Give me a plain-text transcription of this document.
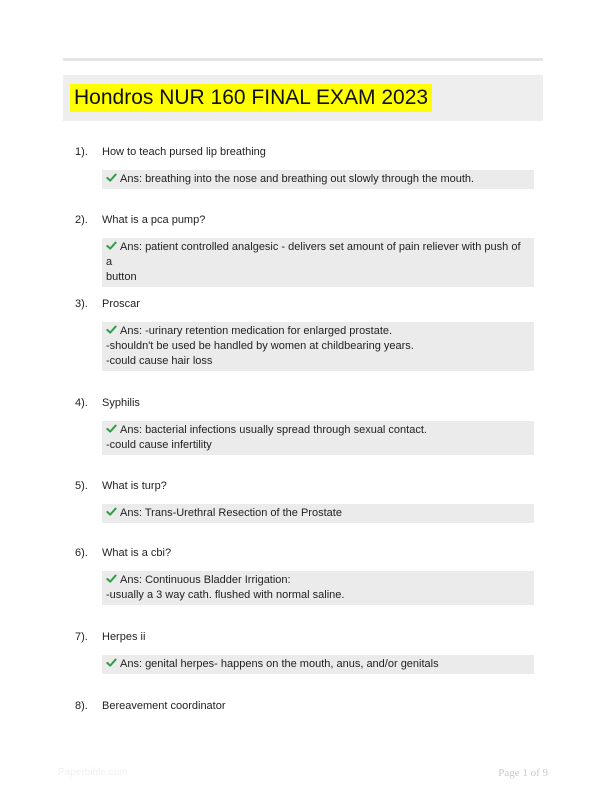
Hondros NUR 160 FINAL EXAM 2023
1). How to teach pursed lip breathing
Ans: breathing into the nose and breathing out slowly through the mouth.
2). What is a pca pump?
Ans: patient controlled analgesic - delivers set amount of pain reliever with push of a
button
3). Proscar
Ans: -urinary retention medication for enlarged prostate.
-shouldn't be used be handled by women at childbearing years.
-could cause hair loss
4). Syphilis
Ans: bacterial infections usually spread through sexual contact.
-could cause infertility
5). What is turp?
Ans: Trans-Urethral Resection of the Prostate
6). What is a cbi?
Ans: Continuous Bladder Irrigation:
-usually a 3 way cath. flushed with normal saline.
7). Herpes ii
Ans: genital herpes- happens on the mouth, anus, and/or genitals
8). Bereavement coordinator
Paperbible.com	Page 1 of 9
